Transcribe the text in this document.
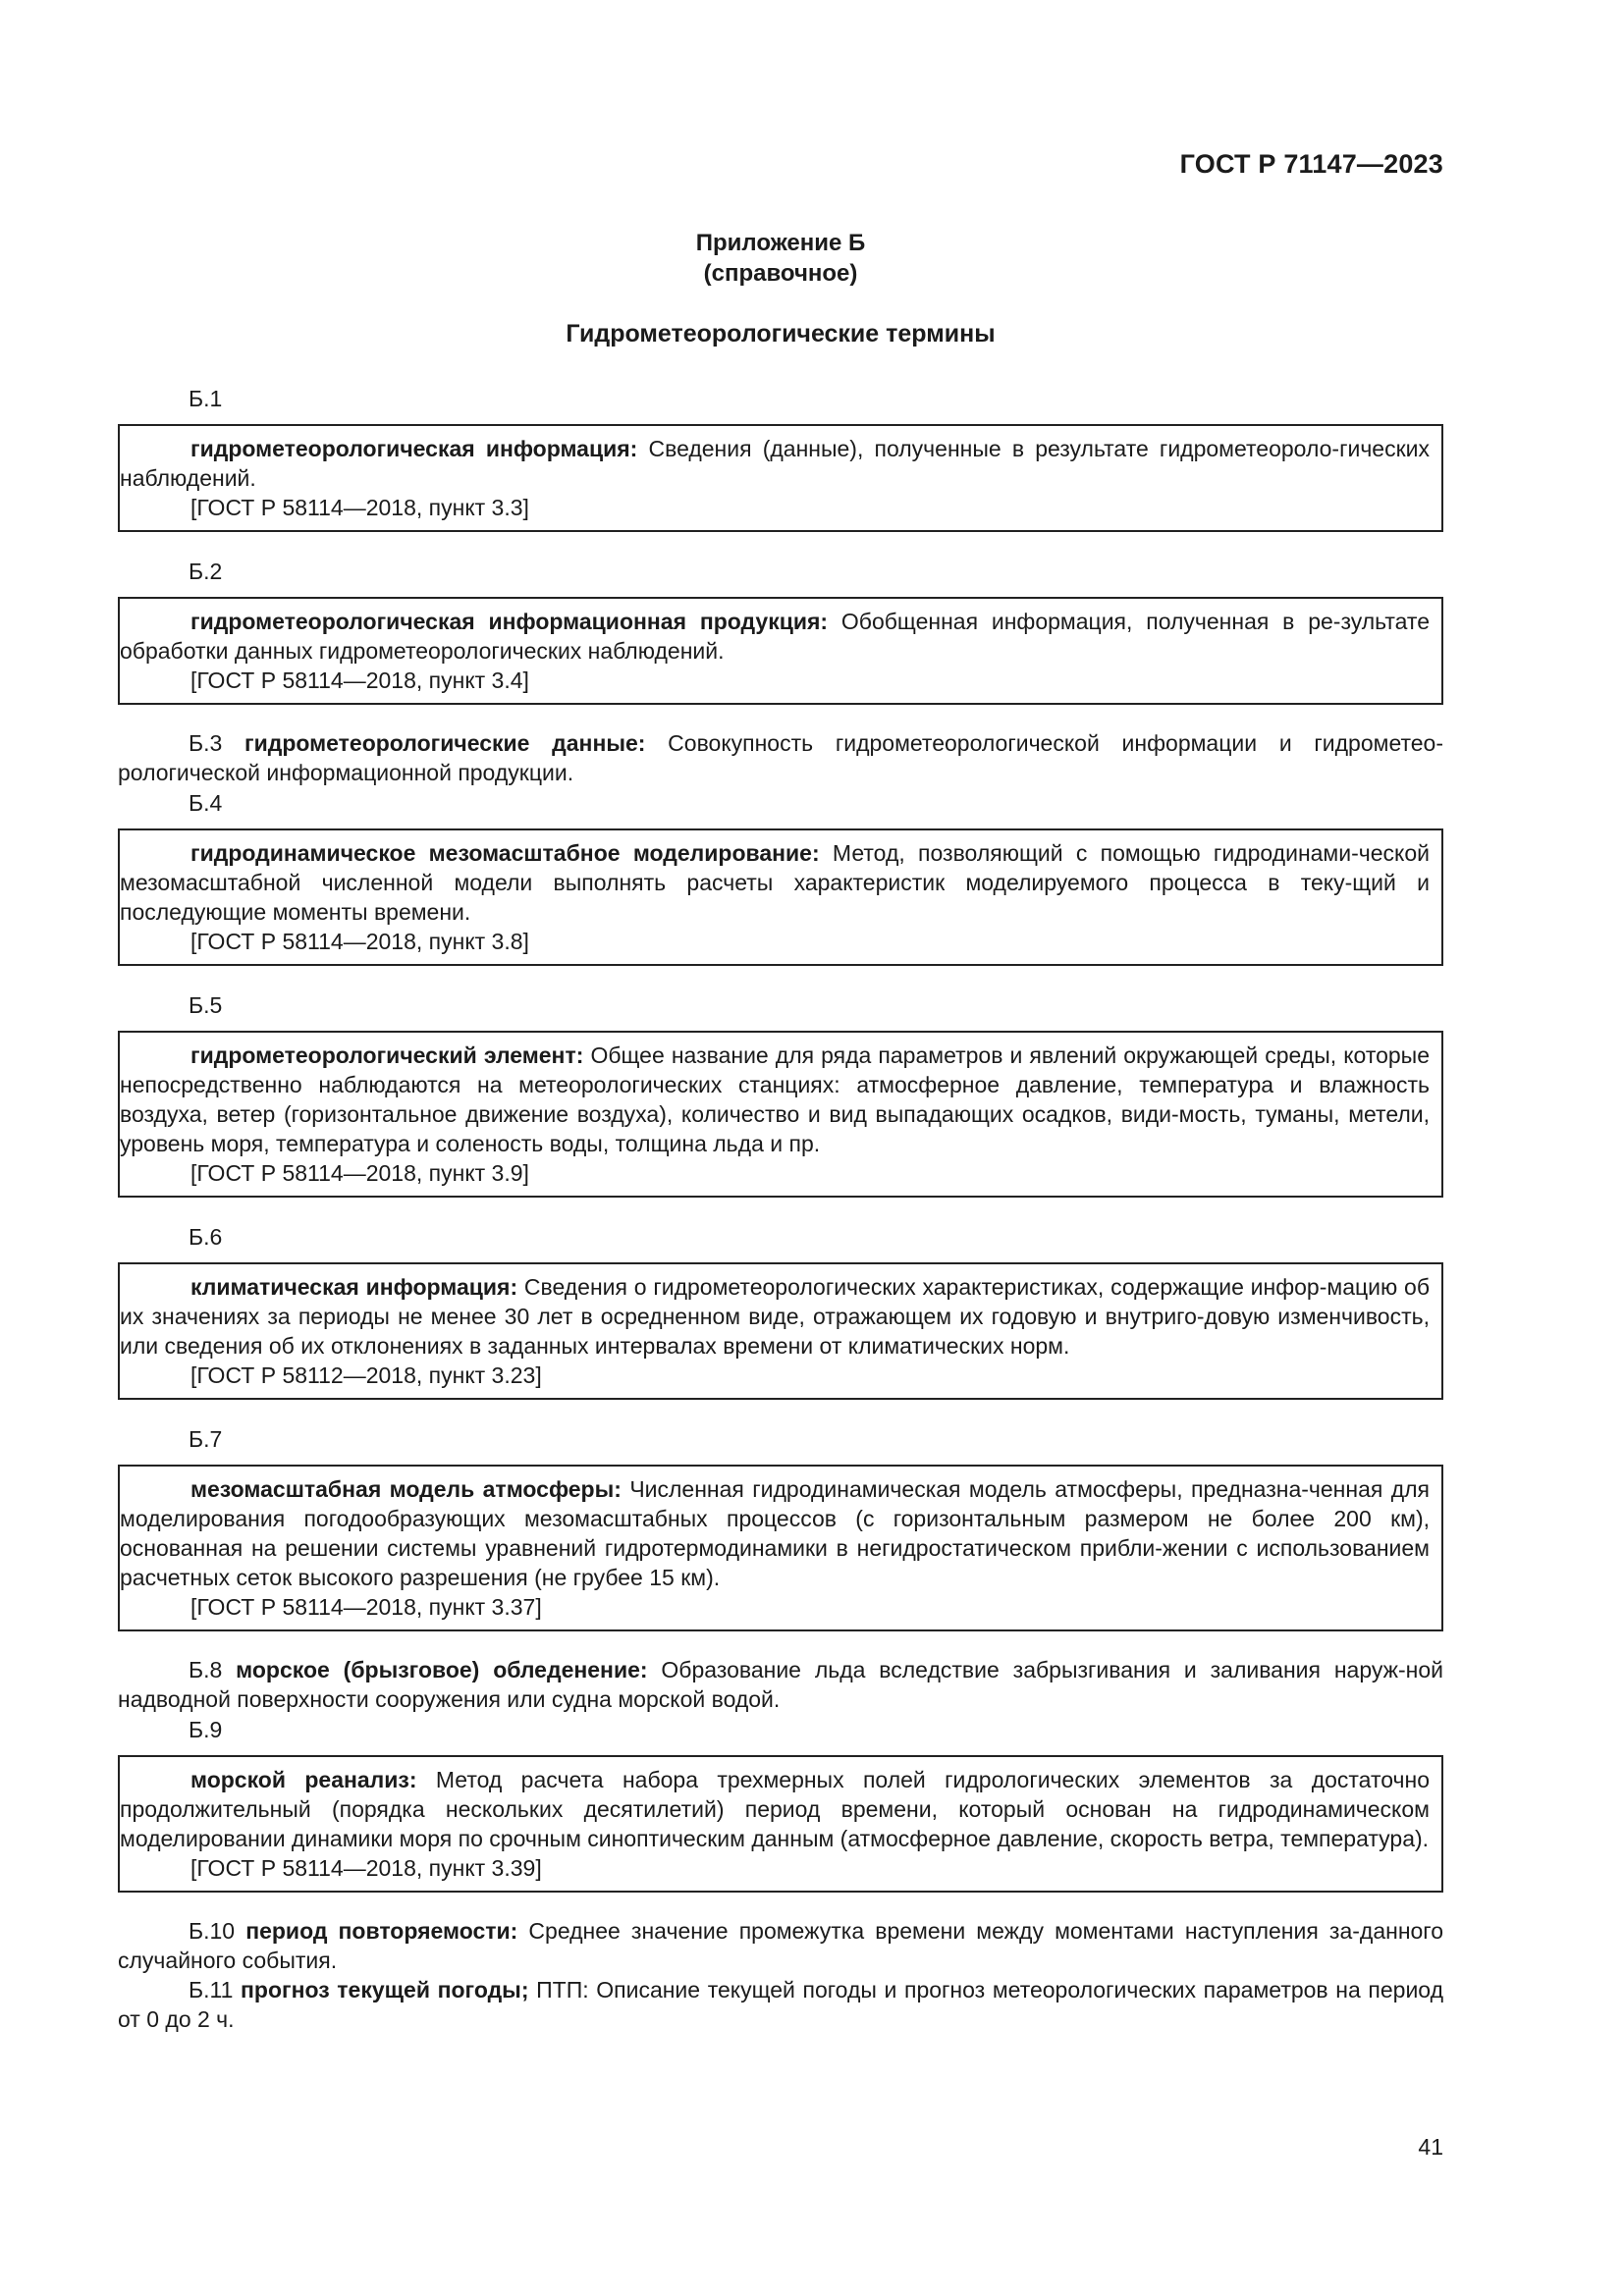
ГОСТ Р 71147—2023
Приложение Б
(справочное)
Гидрометеорологические термины
Б.1

гидрометеорологическая информация: Сведения (данные), полученные в результате гидрометеороло-гических наблюдений.

[ГОСТ Р 58114—2018, пункт 3.3]

Б.2

гидрометеорологическая информационная продукция: Обобщенная информация, полученная в ре-зультате обработки данных гидрометеорологических наблюдений.

[ГОСТ Р 58114—2018, пункт 3.4]

Б.3 гидрометеорологические данные: Совокупность гидрометеорологической информации и гидрометео-рологической информационной продукции.

Б.4

гидродинамическое мезомасштабное моделирование: Метод, позволяющий с помощью гидродинами-ческой мезомасштабной численной модели выполнять расчеты характеристик моделируемого процесса в теку-щий и последующие моменты времени.

[ГОСТ Р 58114—2018, пункт 3.8]

Б.5

гидрометеорологический элемент: Общее название для ряда параметров и явлений окружающей среды, которые непосредственно наблюдаются на метеорологических станциях: атмосферное давление, температура и влажность воздуха, ветер (горизонтальное движение воздуха), количество и вид выпадающих осадков, види-мость, туманы, метели, уровень моря, температура и соленость воды, толщина льда и пр.

[ГОСТ Р 58114—2018, пункт 3.9]

Б.6

климатическая информация: Сведения о гидрометеорологических характеристиках, содержащие инфор-мацию об их значениях за периоды не менее 30 лет в осредненном виде, отражающем их годовую и внутриго-довую изменчивость, или сведения об их отклонениях в заданных интервалах времени от климатических норм.

[ГОСТ Р 58112—2018, пункт 3.23]

Б.7

мезомасштабная модель атмосферы: Численная гидродинамическая модель атмосферы, предназна-ченная для моделирования погодообразующих мезомасштабных процессов (с горизонтальным размером не более 200 км), основанная на решении системы уравнений гидротермодинамики в негидростатическом прибли-жении с использованием расчетных сеток высокого разрешения (не грубее 15 км).

[ГОСТ Р 58114—2018, пункт 3.37]

Б.8 морское (брызговое) обледенение: Образование льда вследствие забрызгивания и заливания наруж-ной надводной поверхности сооружения или судна морской водой.

Б.9

морской реанализ: Метод расчета набора трехмерных полей гидрологических элементов за достаточно продолжительный (порядка нескольких десятилетий) период времени, который основан на гидродинамическом моделировании динамики моря по срочным синоптическим данным (атмосферное давление, скорость ветра, температура).

[ГОСТ Р 58114—2018, пункт 3.39]

Б.10 период повторяемости: Среднее значение промежутка времени между моментами наступления за-данного случайного события.

Б.11 прогноз текущей погоды; ПТП: Описание текущей погоды и прогноз метеорологических параметров на период от 0 до 2 ч.

41
